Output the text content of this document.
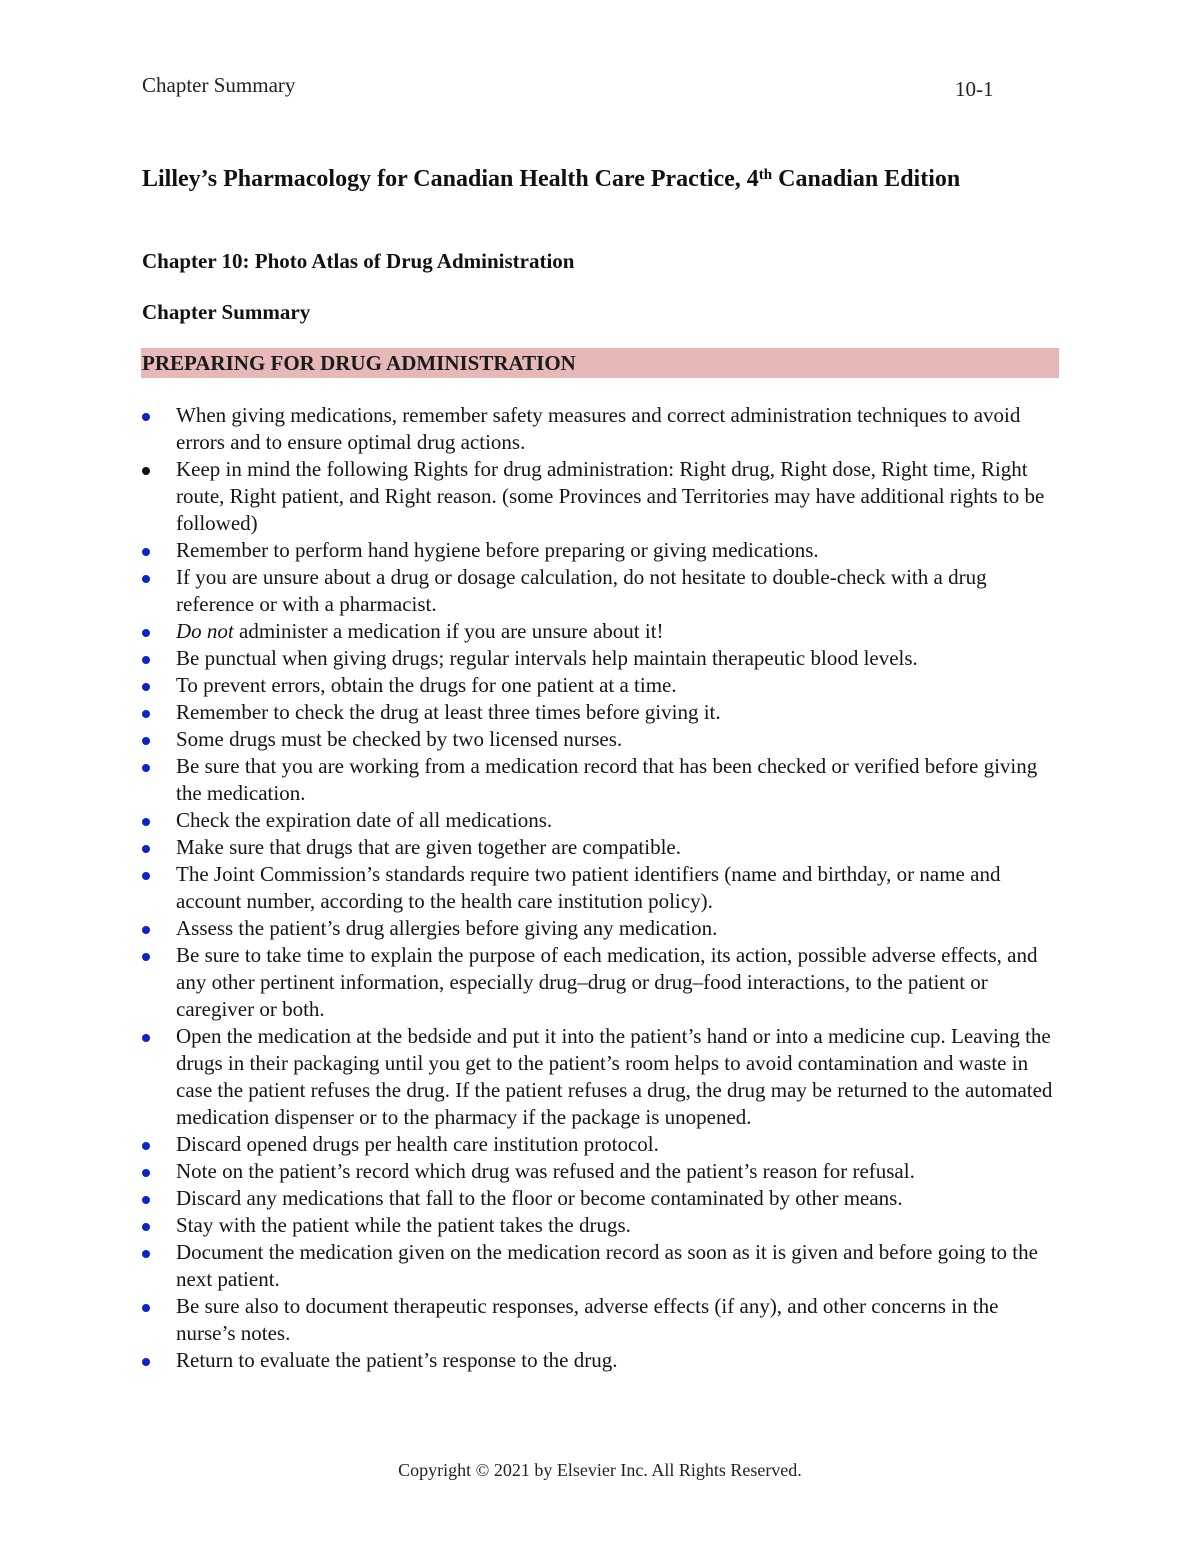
Chapter Summary	10-1
Lilley’s Pharmacology for Canadian Health Care Practice, 4th Canadian Edition
Chapter 10: Photo Atlas of Drug Administration
Chapter Summary
PREPARING FOR DRUG ADMINISTRATION
When giving medications, remember safety measures and correct administration techniques to avoid errors and to ensure optimal drug actions.
Keep in mind the following Rights for drug administration: Right drug, Right dose, Right time, Right route, Right patient, and Right reason. (some Provinces and Territories may have additional rights to be followed)
Remember to perform hand hygiene before preparing or giving medications.
If you are unsure about a drug or dosage calculation, do not hesitate to double-check with a drug reference or with a pharmacist.
Do not administer a medication if you are unsure about it!
Be punctual when giving drugs; regular intervals help maintain therapeutic blood levels.
To prevent errors, obtain the drugs for one patient at a time.
Remember to check the drug at least three times before giving it.
Some drugs must be checked by two licensed nurses.
Be sure that you are working from a medication record that has been checked or verified before giving the medication.
Check the expiration date of all medications.
Make sure that drugs that are given together are compatible.
The Joint Commission’s standards require two patient identifiers (name and birthday, or name and account number, according to the health care institution policy).
Assess the patient’s drug allergies before giving any medication.
Be sure to take time to explain the purpose of each medication, its action, possible adverse effects, and any other pertinent information, especially drug–drug or drug–food interactions, to the patient or caregiver or both.
Open the medication at the bedside and put it into the patient’s hand or into a medicine cup. Leaving the drugs in their packaging until you get to the patient’s room helps to avoid contamination and waste in case the patient refuses the drug. If the patient refuses a drug, the drug may be returned to the automated medication dispenser or to the pharmacy if the package is unopened.
Discard opened drugs per health care institution protocol.
Note on the patient’s record which drug was refused and the patient’s reason for refusal.
Discard any medications that fall to the floor or become contaminated by other means.
Stay with the patient while the patient takes the drugs.
Document the medication given on the medication record as soon as it is given and before going to the next patient.
Be sure also to document therapeutic responses, adverse effects (if any), and other concerns in the nurse’s notes.
Return to evaluate the patient’s response to the drug.
Copyright © 2021 by Elsevier Inc. All Rights Reserved.
